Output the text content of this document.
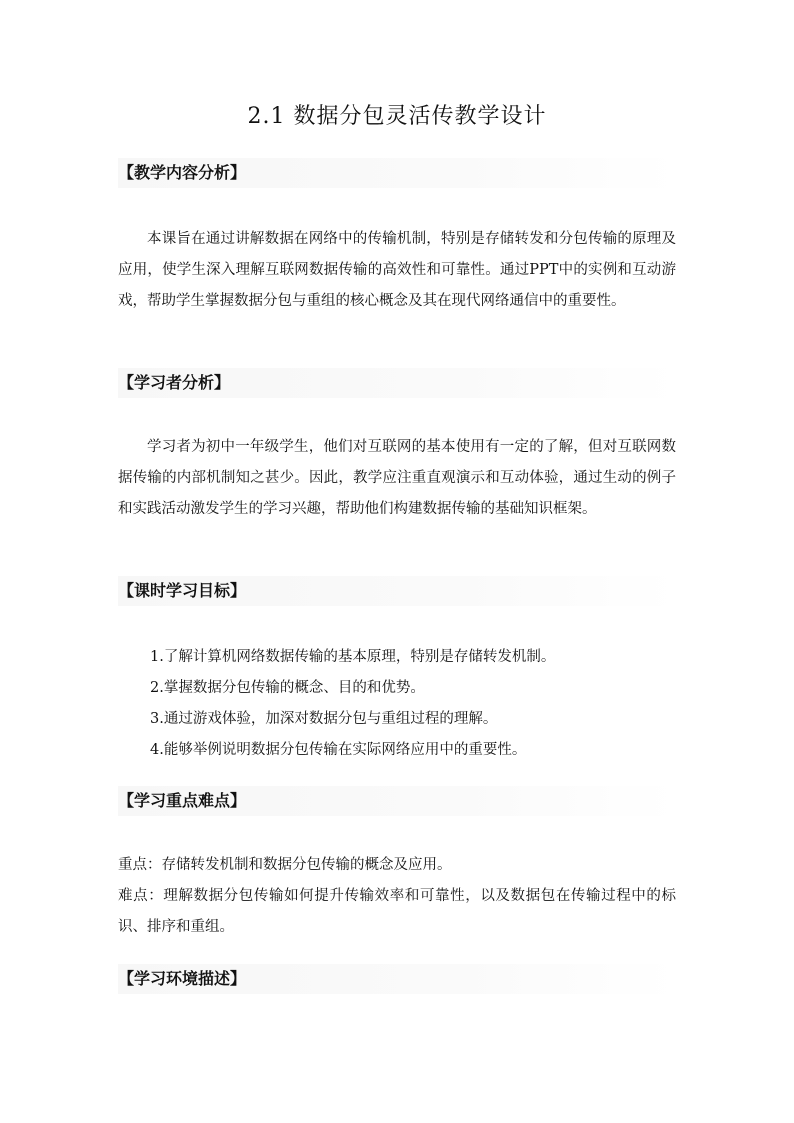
2.1 数据分包灵活传教学设计
【教学内容分析】

本课旨在通过讲解数据在网络中的传输机制，特别是存储转发和分包传输的原理及应用，使学生深入理解互联网数据传输的高效性和可靠性。通过PPT中的实例和互动游戏，帮助学生掌握数据分包与重组的核心概念及其在现代网络通信中的重要性。

【学习者分析】

学习者为初中一年级学生，他们对互联网的基本使用有一定的了解，但对互联网数据传输的内部机制知之甚少。因此，教学应注重直观演示和互动体验，通过生动的例子和实践活动激发学生的学习兴趣，帮助他们构建数据传输的基础知识框架。

【课时学习目标】
1.了解计算机网络数据传输的基本原理，特别是存储转发机制。
2.掌握数据分包传输的概念、目的和优势。
3.通过游戏体验，加深对数据分包与重组过程的理解。
4.能够举例说明数据分包传输在实际网络应用中的重要性。
【学习重点难点】

重点：存储转发机制和数据分包传输的概念及应用。

难点：理解数据分包传输如何提升传输效率和可靠性，以及数据包在传输过程中的标识、排序和重组。

【学习环境描述】
